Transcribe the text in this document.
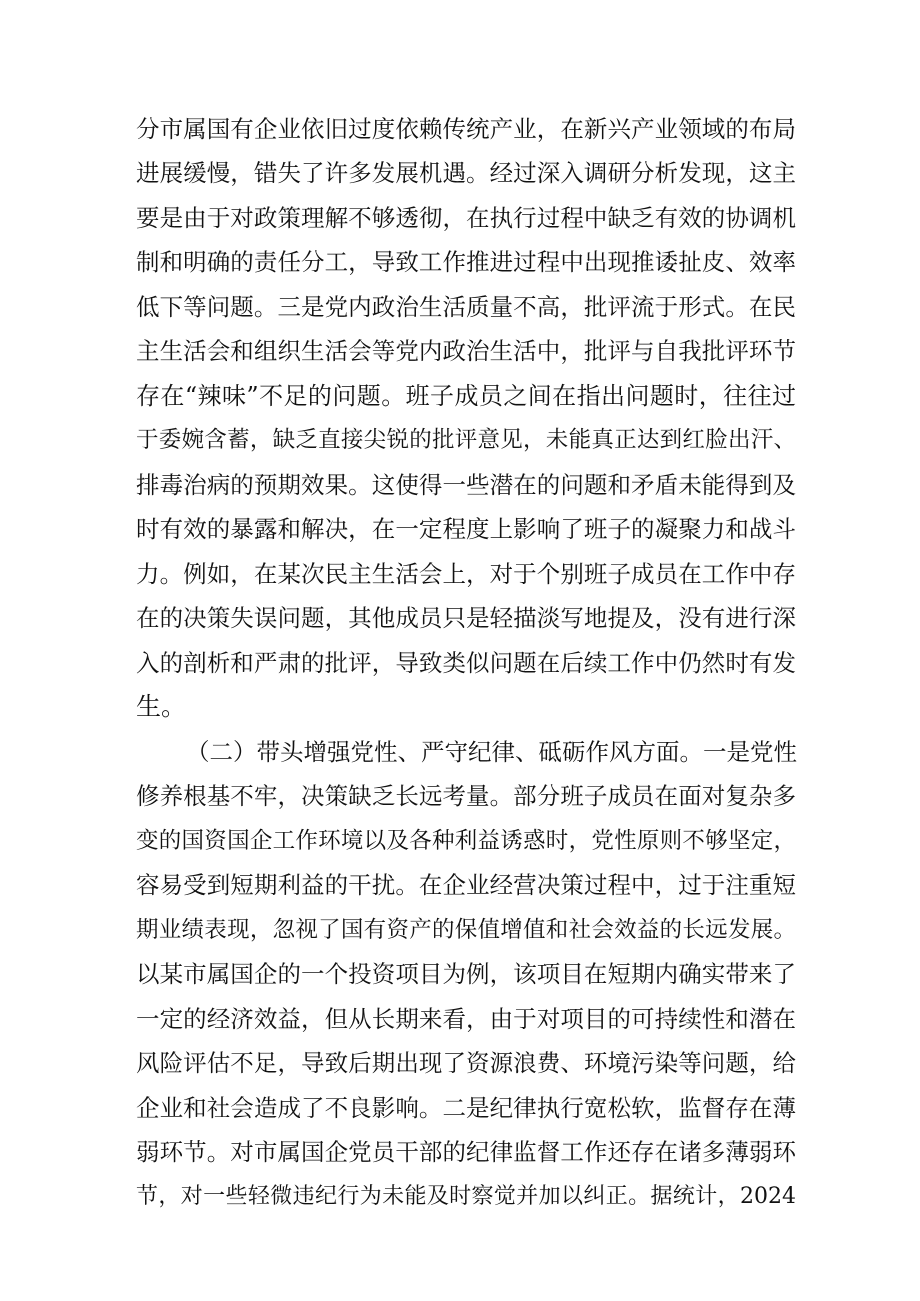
分市属国有企业依旧过度依赖传统产业，在新兴产业领域的布局
进展缓慢，错失了许多发展机遇。经过深入调研分析发现，这主
要是由于对政策理解不够透彻，在执行过程中缺乏有效的协调机
制和明确的责任分工，导致工作推进过程中出现推诿扯皮、效率
低下等问题。三是党内政治生活质量不高，批评流于形式。在民
主生活会和组织生活会等党内政治生活中，批评与自我批评环节
存在“辣味”不足的问题。班子成员之间在指出问题时，往往过
于委婉含蓄，缺乏直接尖锐的批评意见，未能真正达到红脸出汗、
排毒治病的预期效果。这使得一些潜在的问题和矛盾未能得到及
时有效的暴露和解决，在一定程度上影响了班子的凝聚力和战斗
力。例如，在某次民主生活会上，对于个别班子成员在工作中存
在的决策失误问题，其他成员只是轻描淡写地提及，没有进行深
入的剖析和严肃的批评，导致类似问题在后续工作中仍然时有发
生。
（二）带头增强党性、严守纪律、砥砺作风方面。一是党性
修养根基不牢，决策缺乏长远考量。部分班子成员在面对复杂多
变的国资国企工作环境以及各种利益诱惑时，党性原则不够坚定，
容易受到短期利益的干扰。在企业经营决策过程中，过于注重短
期业绩表现，忽视了国有资产的保值增值和社会效益的长远发展。
以某市属国企的一个投资项目为例，该项目在短期内确实带来了
一定的经济效益，但从长期来看，由于对项目的可持续性和潜在
风险评估不足，导致后期出现了资源浪费、环境污染等问题，给
企业和社会造成了不良影响。二是纪律执行宽松软，监督存在薄
弱环节。对市属国企党员干部的纪律监督工作还存在诸多薄弱环
节，对一些轻微违纪行为未能及时察觉并加以纠正。据统计，2024
